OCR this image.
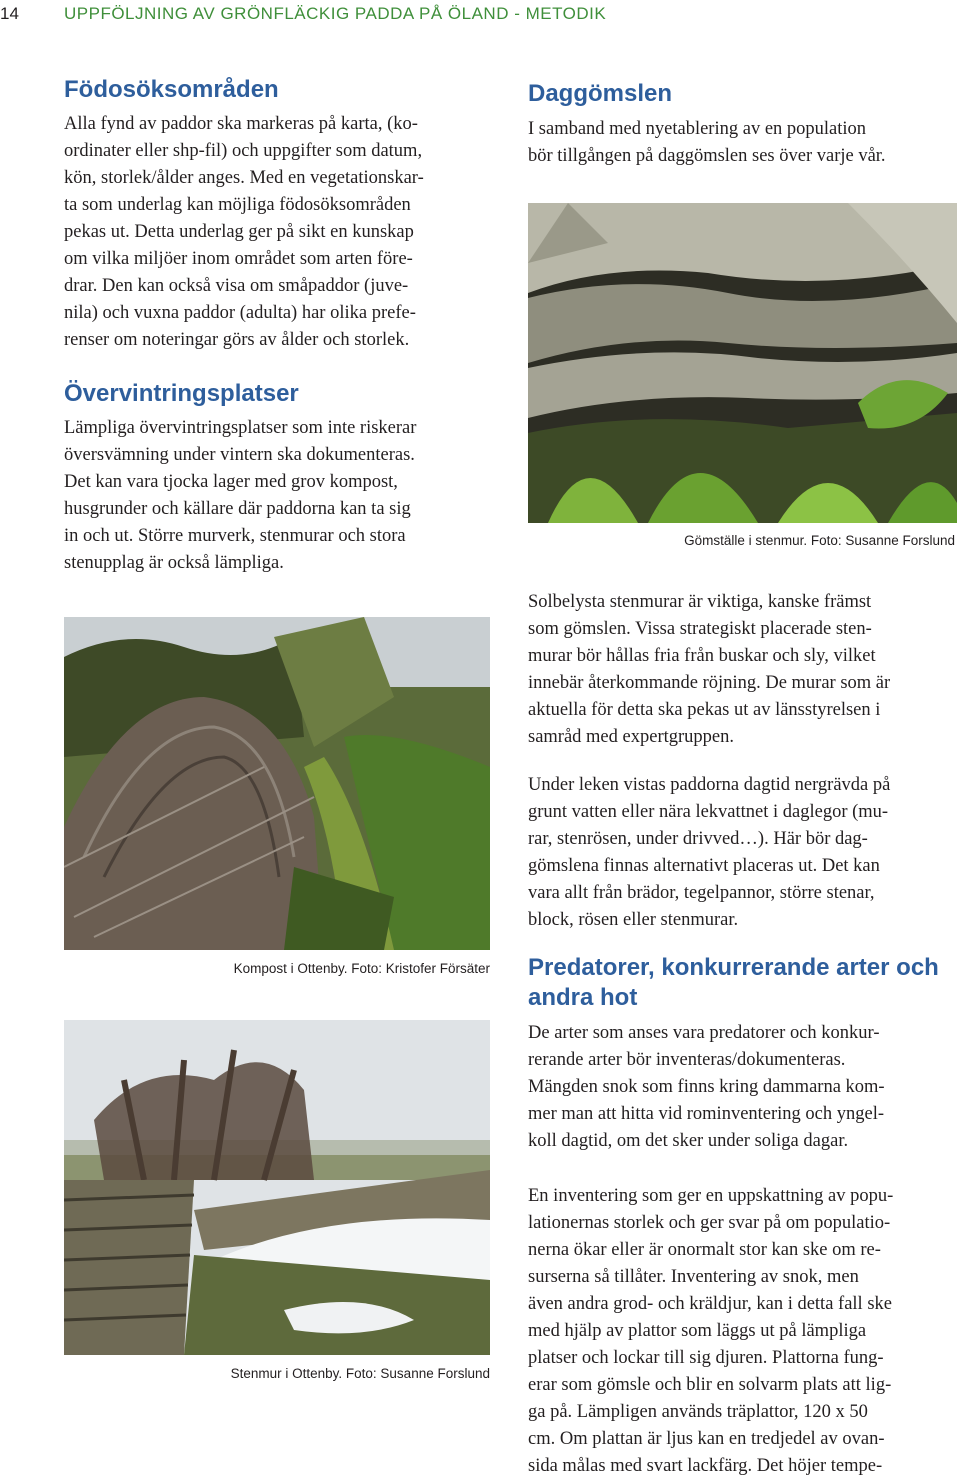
14	UPPFÖLJNING AV GRÖNFLÄCKIG PADDA PÅ ÖLAND - METODIK
Födosöksområden
Alla fynd av paddor ska markeras på karta, (ko-
ordinater eller shp-fil) och uppgifter som datum,
kön, storlek/ålder anges. Med en vegetationskar-
ta som underlag kan möjliga födosöksområden
pekas ut. Detta underlag ger på sikt en kunskap
om vilka miljöer inom området som arten före-
drar. Den kan också visa om småpaddor (juve-
nila) och vuxna paddor (adulta) har olika prefe-
renser om noteringar görs av ålder och storlek.
Övervintringsplatser
Lämpliga övervintringsplatser som inte riskerar
översvämning under vintern ska dokumenteras.
Det kan vara tjocka lager med grov kompost,
husgrunder och källare där paddorna kan ta sig
in och ut. Större murverk, stenmurar och stora
stenupplag är också lämpliga.
Kompost i Ottenby. Foto: Kristofer Försäter
Stenmur i Ottenby. Foto: Susanne Forslund
Daggömslen
I samband med nyetablering av en population
bör tillgången på daggömslen ses över varje vår.
Gömställe i stenmur. Foto: Susanne Forslund
Solbelysta stenmurar är viktiga, kanske främst
som gömslen. Vissa strategiskt placerade sten-
murar bör hållas fria från buskar och sly, vilket
innebär återkommande röjning. De murar som är
aktuella för detta ska pekas ut av länsstyrelsen i
samråd med expertgruppen.
Under leken vistas paddorna dagtid nergrävda på
grunt vatten eller nära lekvattnet i daglegor (mu-
rar, stenrösen, under drivved…). Här bör dag-
gömslena finnas alternativt placeras ut. Det kan
vara allt från brädor, tegelpannor, större stenar,
block, rösen eller stenmurar.
Predatorer, konkurrerande arter och
andra hot
De arter som anses vara predatorer och konkur-
rerande arter bör inventeras/dokumenteras.
Mängden snok som finns kring dammarna kom-
mer man att hitta vid rominventering och yngel-
koll dagtid, om det sker under soliga dagar.
En inventering som ger en uppskattning av popu-
lationernas storlek och ger svar på om populatio-
nerna ökar eller är onormalt stor kan ske om re-
surserna så tillåter. Inventering av snok, men
även andra grod- och kräldjur, kan i detta fall ske
med hjälp av plattor som läggs ut på lämpliga
platser och lockar till sig djuren. Plattorna fung-
erar som gömsle och blir en solvarm plats att lig-
ga på. Lämpligen används träplattor, 120 x 50
cm. Om plattan är ljus kan en tredjedel av ovan-
sida målas med svart lackfärg. Det höjer tempe-
